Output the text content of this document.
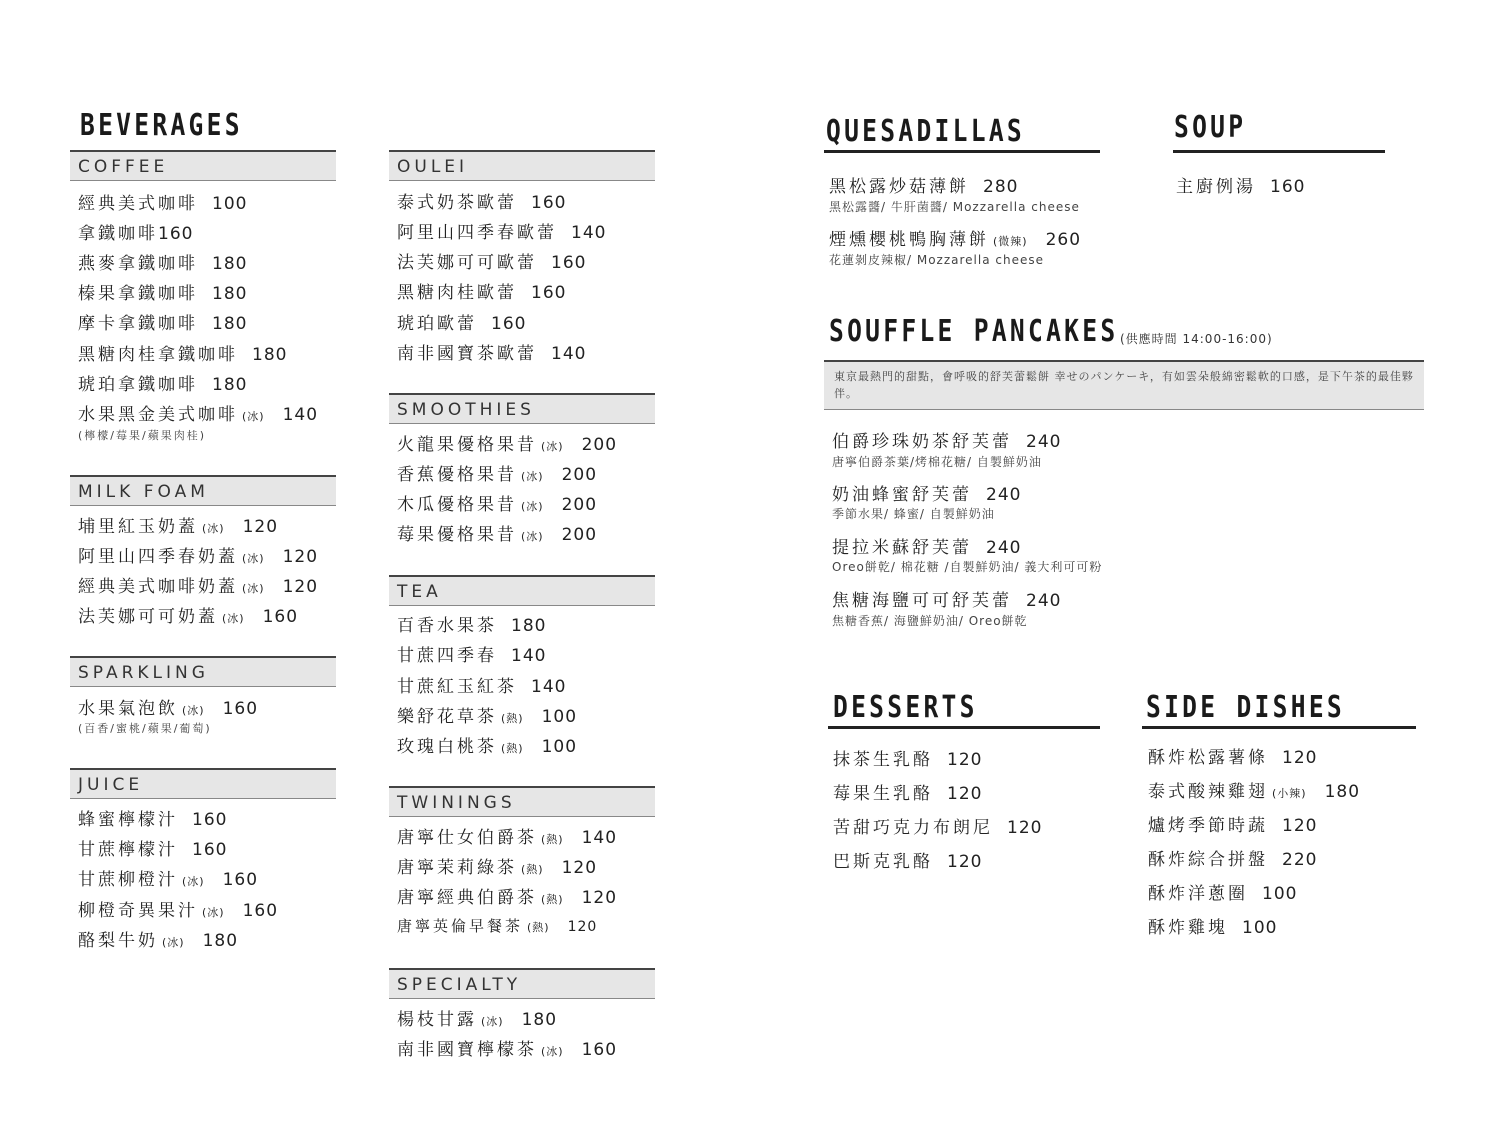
BEVERAGES
COFFEE
經典美式咖啡 100
拿鐵咖啡160
燕麥拿鐵咖啡 180
榛果拿鐵咖啡 180
摩卡拿鐵咖啡 180
黑糖肉桂拿鐵咖啡 180
琥珀拿鐵咖啡 180
水果黑金美式咖啡 (冰) 140
(檸檬/莓果/蘋果肉桂)
MILK FOAM
埔里紅玉奶蓋 (冰) 120
阿里山四季春奶蓋 (冰) 120
經典美式咖啡奶蓋 (冰) 120
法芙娜可可奶蓋 (冰) 160
SPARKLING
水果氣泡飲 (冰) 160
(百香/蜜桃/蘋果/葡萄)
JUICE
蜂蜜檸檬汁 160
甘蔗檸檬汁 160
甘蔗柳橙汁 (冰) 160
柳橙奇異果汁 (冰) 160
酪梨牛奶 (冰) 180
OULEI
泰式奶茶歐蕾 160
阿里山四季春歐蕾 140
法芙娜可可歐蕾 160
黑糖肉桂歐蕾 160
琥珀歐蕾 160
南非國寶茶歐蕾 140
SMOOTHIES
火龍果優格果昔 (冰) 200
香蕉優格果昔 (冰) 200
木瓜優格果昔 (冰) 200
莓果優格果昔 (冰) 200
TEA
百香水果茶 180
甘蔗四季春 140
甘蔗紅玉紅茶 140
樂舒花草茶 (熱) 100
玫瑰白桃茶 (熱) 100
TWININGS
唐寧仕女伯爵茶 (熱) 140
唐寧茉莉綠茶 (熱) 120
唐寧經典伯爵茶 (熱) 120
唐寧英倫早餐茶 (熱) 120
SPECIALTY
楊枝甘露 (冰) 180
南非國寶檸檬茶 (冰) 160
QUESADILLAS
黑松露炒菇薄餅 280
黑松露醬/ 牛肝菌醬/ Mozzarella cheese
煙燻櫻桃鴨胸薄餅 (微辣) 260
花蓮剝皮辣椒/ Mozzarella cheese
SOUP
主廚例湯 160
SOUFFLE PANCAKES (供應時間 14:00-16:00)
東京最熱門的甜點，會呼吸的舒芙蕾鬆餅 幸せのパンケーキ，有如雲朵般綿密鬆軟的口感，是下午茶的最佳夥伴。
伯爵珍珠奶茶舒芙蕾 240
唐寧伯爵茶葉/烤棉花糖/ 自製鮮奶油
奶油蜂蜜舒芙蕾 240
季節水果/ 蜂蜜/ 自製鮮奶油
提拉米蘇舒芙蕾 240
Oreo餅乾/ 棉花糖 /自製鮮奶油/ 義大利可可粉
焦糖海鹽可可舒芙蕾 240
焦糖香蕉/ 海鹽鮮奶油/ Oreo餅乾
DESSERTS
抹茶生乳酪 120
莓果生乳酪 120
苦甜巧克力布朗尼 120
巴斯克乳酪 120
SIDE DISHES
酥炸松露薯條 120
泰式酸辣雞翅 (小辣) 180
爐烤季節時蔬 120
酥炸綜合拼盤 220
酥炸洋蔥圈 100
酥炸雞塊 100
